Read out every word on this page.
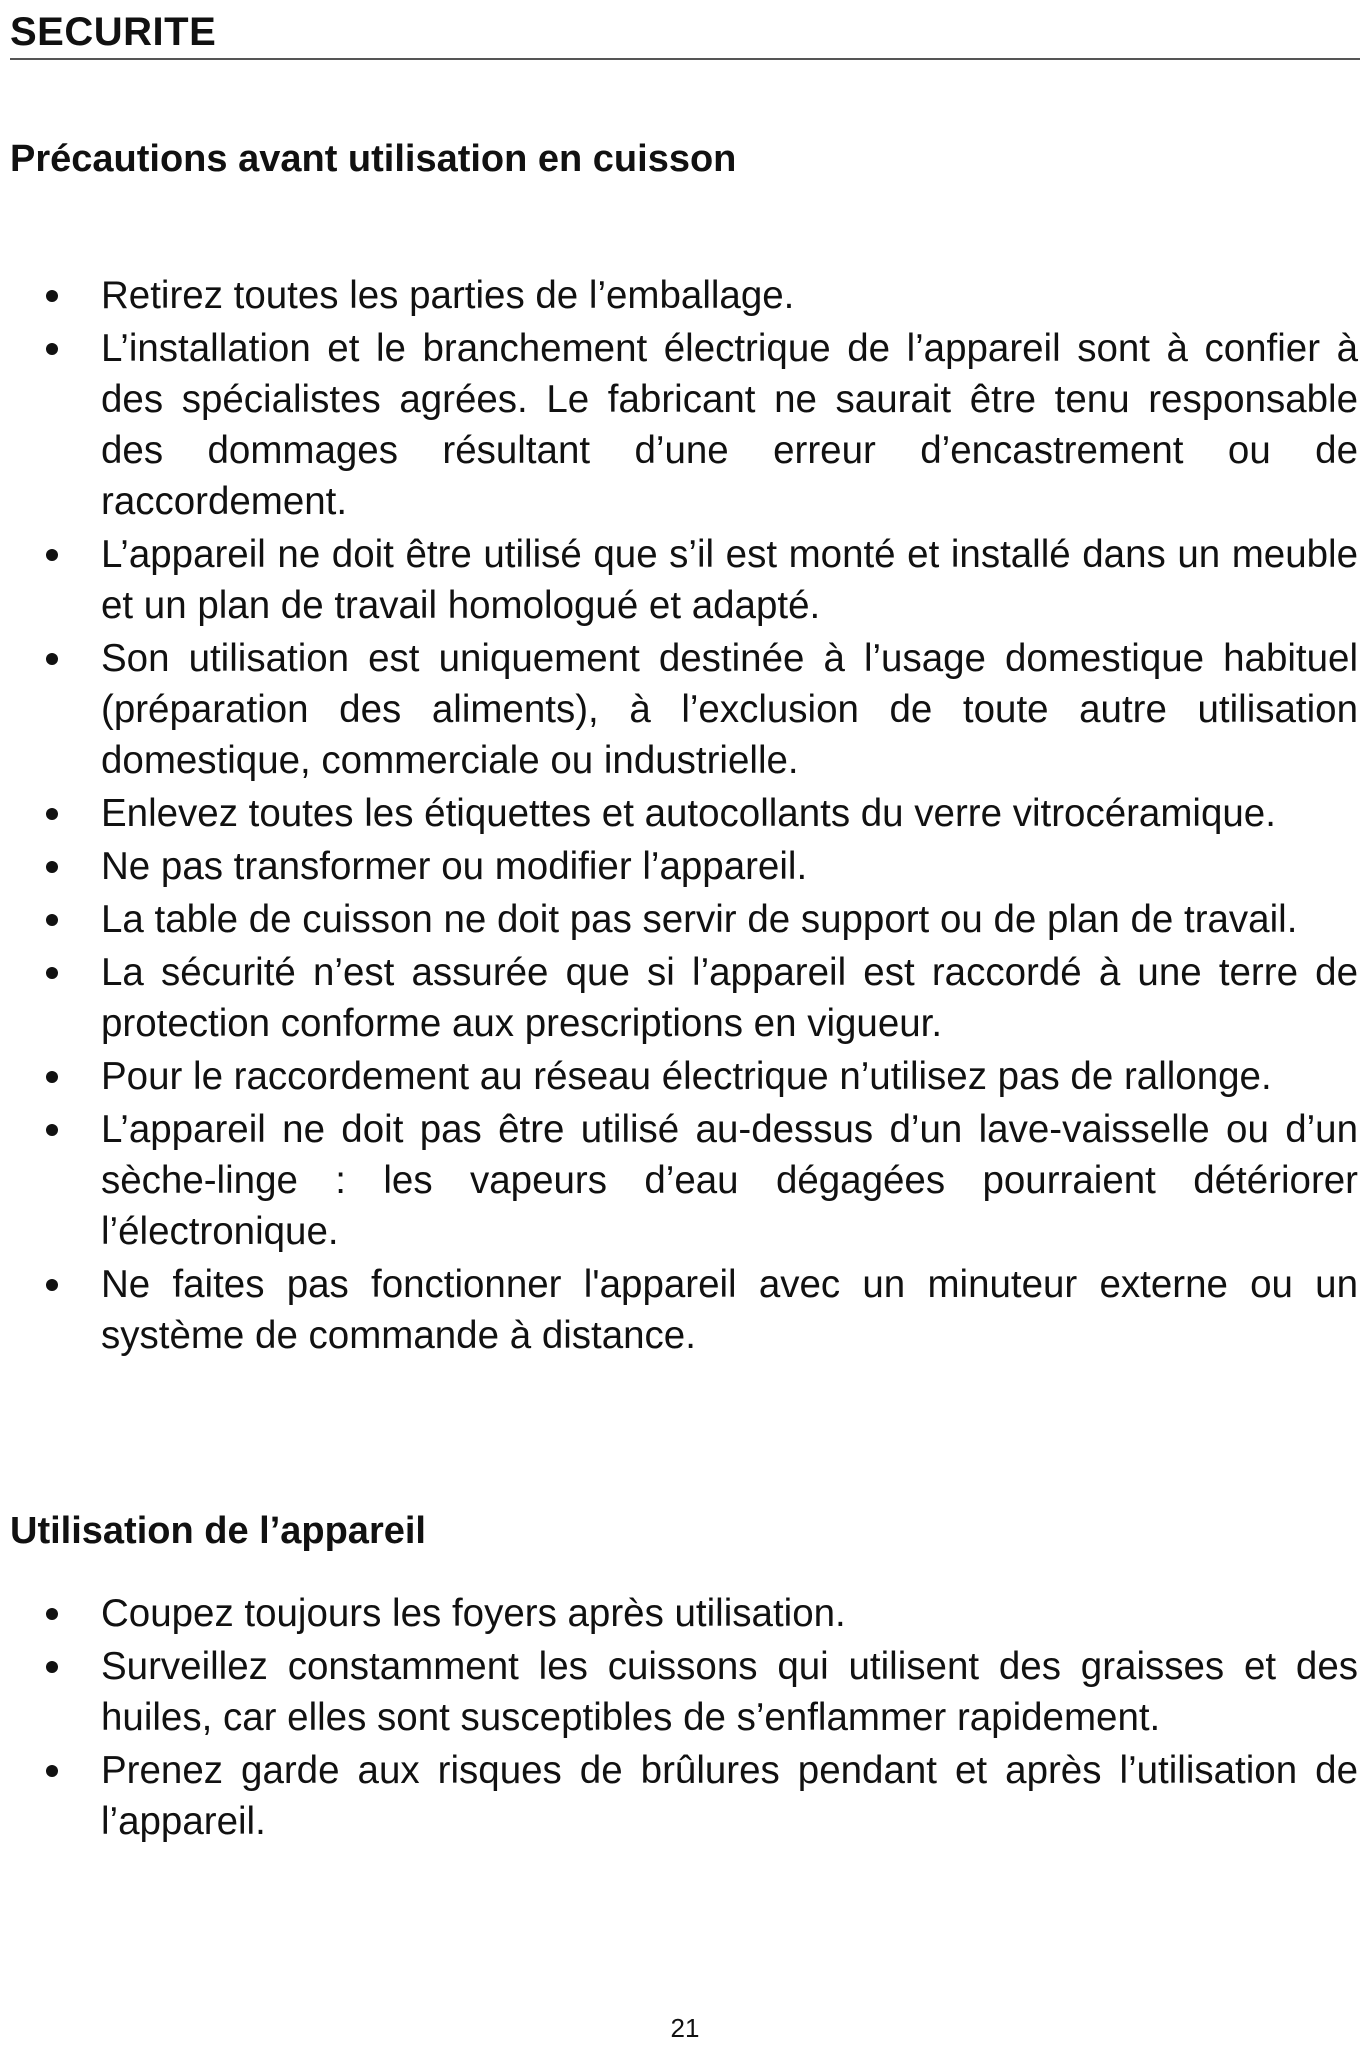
SECURITE
Précautions avant utilisation en cuisson
Retirez toutes les parties de l’emballage.
L’installation et le branchement électrique de l’appareil sont à confier à des spécialistes agrées. Le fabricant ne saurait être tenu responsable des dommages résultant d’une erreur d’encastrement ou de raccordement.
L’appareil ne doit être utilisé que s’il est monté et installé dans un meuble et un plan de travail homologué et adapté.
Son utilisation est uniquement destinée à l’usage domestique habituel (préparation des aliments), à l’exclusion de toute autre utilisation domestique, commerciale ou industrielle.
Enlevez toutes les étiquettes et autocollants du verre vitrocéramique.
Ne pas transformer ou modifier l’appareil.
La table de cuisson ne doit pas servir de support ou de plan de travail.
La sécurité n’est assurée que si l’appareil est raccordé à une terre de protection conforme aux prescriptions en vigueur.
Pour le raccordement au réseau électrique n’utilisez pas de rallonge.
L’appareil ne doit pas être utilisé au-dessus d’un lave-vaisselle ou d’un sèche-linge : les vapeurs d’eau dégagées pourraient détériorer l’électronique.
Ne faites pas fonctionner l'appareil avec un minuteur externe ou un système de commande à distance.
Utilisation de l’appareil
Coupez toujours les foyers après utilisation.
Surveillez constamment les cuissons qui utilisent des graisses et des huiles, car elles sont susceptibles de s’enflammer rapidement.
Prenez garde aux risques de brûlures pendant et après l’utilisation de l’appareil.
21
